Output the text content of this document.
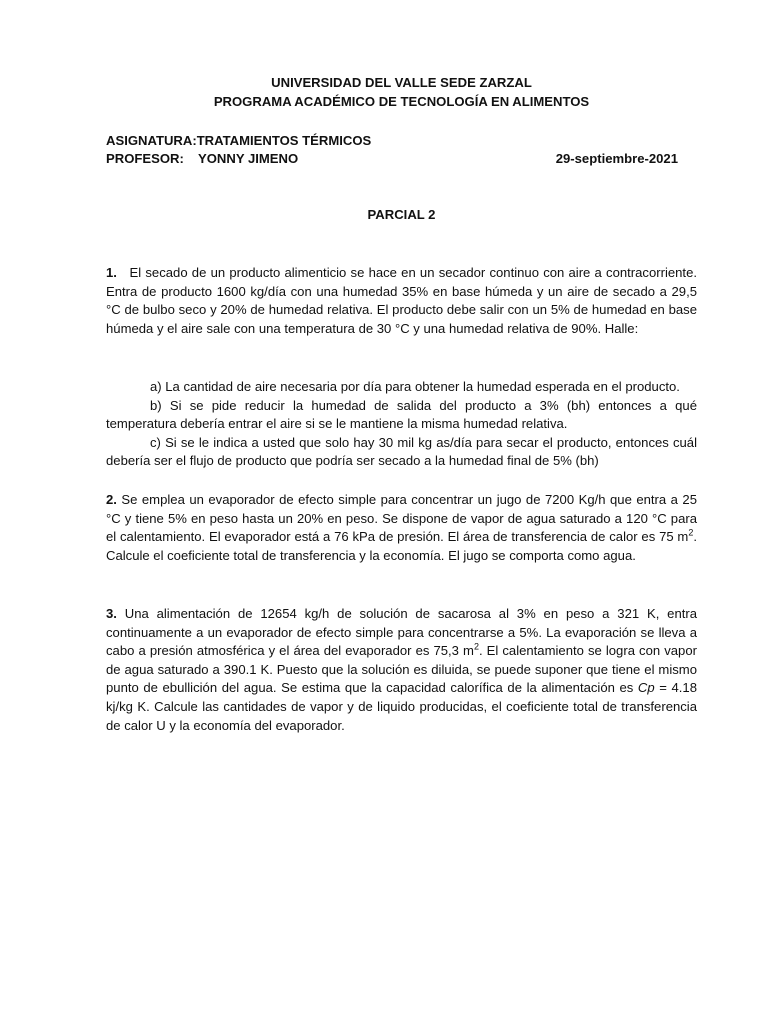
UNIVERSIDAD DEL VALLE SEDE ZARZAL
PROGRAMA ACADÉMICO DE TECNOLOGÍA EN ALIMENTOS
ASIGNATURA:TRATAMIENTOS TÉRMICOS
PROFESOR: YONNY JIMENO	29-septiembre-2021
PARCIAL 2

1. El secado de un producto alimenticio se hace en un secador continuo con aire a contracorriente. Entra de producto 1600 kg/día con una humedad 35% en base húmeda y un aire de secado a 29,5 °C de bulbo seco y 20% de humedad relativa. El producto debe salir con un 5% de humedad en base húmeda y el aire sale con una temperatura de 30 °C y una humedad relativa de 90%. Halle:

a) La cantidad de aire necesaria por día para obtener la humedad esperada en el producto.

b) Si se pide reducir la humedad de salida del producto a 3% (bh) entonces a qué temperatura debería entrar el aire si se le mantiene la misma humedad relativa.

c) Si se le indica a usted que solo hay 30 mil kg as/día para secar el producto, entonces cuál debería ser el flujo de producto que podría ser secado a la humedad final de 5% (bh)

2. Se emplea un evaporador de efecto simple para concentrar un jugo de 7200 Kg/h que entra a 25 °C y tiene 5% en peso hasta un 20% en peso. Se dispone de vapor de agua saturado a 120 °C para el calentamiento. El evaporador está a 76 kPa de presión. El área de transferencia de calor es 75 $m^2$. Calcule el coeficiente total de transferencia y la economía. El jugo se comporta como agua.

3. Una alimentación de 12654 kg/h de solución de sacarosa al 3% en peso a 321 K, entra continuamente a un evaporador de efecto simple para concentrarse a 5%. La evaporación se lleva a cabo a presión atmosférica y el área del evaporador es 75,3 $m^2$. El calentamiento se logra con vapor de agua saturado a 390.1 K. Puesto que la solución es diluida, se puede suponer que tiene el mismo punto de ebullición del agua. Se estima que la capacidad calorífica de la alimentación es Cp = 4.18 kj/kg K. Calcule las cantidades de vapor y de liquido producidas, el coeficiente total de transferencia de calor U y la economía del evaporador.
